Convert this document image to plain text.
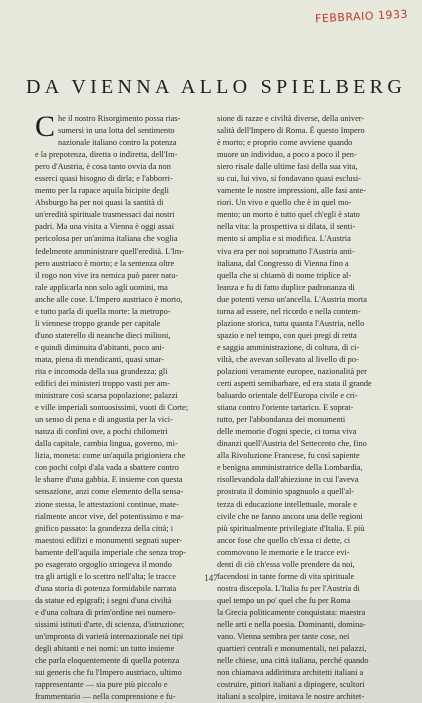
FEBBRAIO 1933
DA VIENNA ALLO SPIELBERG
C he il nostro Risorgimento possa rias-
sumersi in una lotta del sentimento
nazionale italiano contro la potenza
e la prepotenza, diretta o indiretta, dell'Im-
pero d'Austria, è cosa tanto ovvia da non
esserci quasi bisogno di dirla; e l'abborri-
mento per la rapace aquila bicipite degli
Absburgo ha per noi quasi la santità di
un'eredità spirituale trasmessaci dai nostri
padri. Ma una visita a Vienna è oggi assai
pericolosa per un'anima italiana che voglia
fedelmente amministrare quell'eredità. L'Im-
pero austriaco è morto; e la sentenza oltre
il rogo non vive ira nemica può parer natu-
rale applicarla non solo agli uomini, ma
anche alle cose. L'Impero austriaco è morto,
e tutto parla di quella morte: la metropo-
li viennese troppo grande per capitale
d'uno staterello di neanche dieci milioni,
e quindi diminuita d'abitanti, poco ani-
mata, piena di mendicanti, quasi smar-
rita e incomoda della sua grandezza; gli
edifici dei ministeri troppo vasti per am-
ministrare così scarsa popolazione; palazzi
e ville imperiali sontuosissimi, vuoti di Corte;
un senso di pena e di angustia per la vici-
nanza di confini ove, a pochi chilometri
dalla capitale, cambia lingua, governo, mi-
lizia, moneta: come un'aquila prigioniera che
con pochi colpi d'ala vada a sbattere contro
le sbarre d'una gabbia. E insieme con questa
sensazione, anzi come elemento della sensa-
zione stessa, le attestazioni continue, mate-
rialmente ancor vive, del potentissimo e ma-
gnifico passato: la grandezza della città; i
maestosi edifizi e monumenti segnati super-
bamente dell'aquila imperiale che senza trop-
po esagerato orgoglio stringeva il mondo
tra gli artigli e lo scettro nell'alta; le tracce
d'una storia di potenza formidabile narrata
da statue ed epigrafi; i segni d'una civiltà
e d'una coltura di prim'ordine nei numero-
sissimi istituti d'arte, di scienza, d'istruzione;
un'impronta di varietà internazionale nei tipi
degli abitanti e nei nomi: un tutto insieme
che parla eloquentemente di quella potenza
sui generis che fu l'Impero austriaco, ultimo
rappresentante — sia pure più piccolo e
frammentario — nella comprensione e fu-
sione di razze e civiltà diverse, della univer-
salità dell'Impero di Roma. È questo Impero
è morto; e proprio come avviene quando
muore un individuo, a poco a poco il pen-
siero risale dalle ultime fasi della sua vita,
su cui, lui vivo, si fondavano quasi esclusi-
vamente le nostre impressioni, alle fasi ante-
riori. Un vivo e quello che è in quel mo-
mento; un morto è tutto quel ch'egli è stato
nella vita: la prospettiva si dilata, il senti-
mento si amplia e si modifica. L'Austria
viva era per noi soprattutto l'Austria anti-
italiana, dal Congresso di Vienna fino a
quella che si chiamò di nome triplice al-
leanza e fu di fatto duplice padronanza di
due potenti verso un'ancella. L'Austria morta
torna ad essere, nel ricordo e nella contem-
plazione storica, tutta quanta l'Austria, nello
spazio e nel tempo, con quei pregi di retta
e saggia amministrazione, di coltura, di ci-
viltà, che avevan sollevato al livello di po-
polazioni veramente europee, nazionalità per
certi aspetti semibarbare, ed era stata il grande
baluardo orientale dell'Europa civile e cri-
stiana contro l'oriente tartarico. E soprat-
tutto, per l'abbondanza dei monumenti
delle memorie d'ogni specie, ci torna viva
dinanzi quell'Austria del Settecento che, fino
alla Rivoluzione Francese, fu così sapiente
e benigna amministratrice della Lombardia,
risollevandola dall'abiezione in cui l'aveva
prostrata il dominio spagnuolo a quell'al-
tezza di educazione intellettuale, morale e
civile che ne fanno ancora una delle regioni
più spiritualmente privilegiate d'Italia. E più
ancor fose che quello ch'essa ci dette, ci
commovono le memorie e le tracce evi-
denti di ciò ch'essa volle prendere da noi,
facendosi in tante forme di vita spirituale
nostra discepola. L'Italia fu per l'Austria di
quel tempo un po' quel che fu per Roma
la Grecia politicamente conquistata: maestra
nelle arti e nella poesia. Dominanti, domina-
vano. Vienna sembra per tante cose, nei
quartieri centrali e monumentali, nei palazzi,
nelle chiese, una città italiana, perché quando
non chiamava addirittura architetti italiani a
costruire, pittori italiani a dipingere, scultori
italiani a scolpire, imitava le nostre architet-
147
